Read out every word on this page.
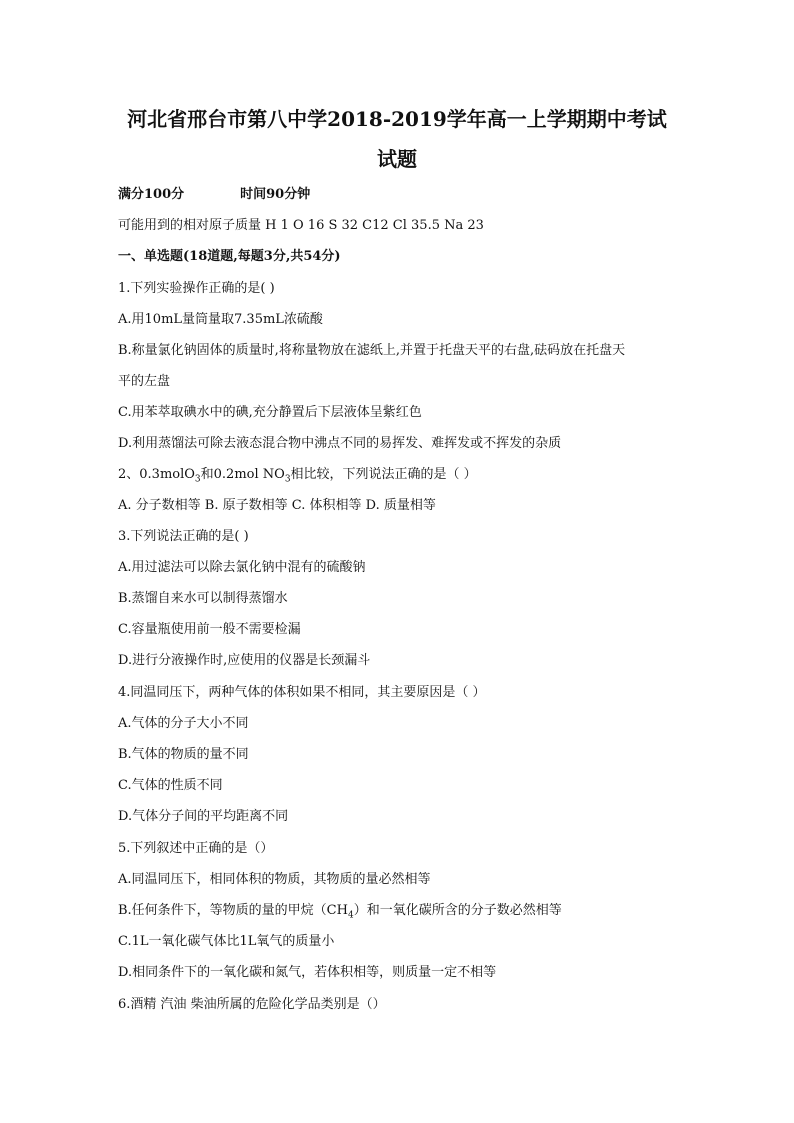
河北省邢台市第八中学2018-2019学年高一上学期期中考试
试题
满分100分	时间90分钟
可能用到的相对原子质量 H 1 O 16 S 32 C12 Cl 35.5 Na 23
一、单选题(18道题,每题3分,共54分)
1.下列实验操作正确的是( )
A.用10mL量筒量取7.35mL浓硫酸
B.称量氯化钠固体的质量时,将称量物放在滤纸上,并置于托盘天平的右盘,砝码放在托盘天
平的左盘
C.用苯萃取碘水中的碘,充分静置后下层液体呈紫红色
D.利用蒸馏法可除去液态混合物中沸点不同的易挥发、难挥发或不挥发的杂质
2、0.3molO$_3$和0.2mol $NO_3$相比较，下列说法正确的是（ ）
A. 分子数相等 B. 原子数相等 C. 体积相等 D. 质量相等
3.下列说法正确的是( )
A.用过滤法可以除去氯化钠中混有的硫酸钠
B.蒸馏自来水可以制得蒸馏水
C.容量瓶使用前一般不需要检漏
D.进行分液操作时,应使用的仪器是长颈漏斗
4.同温同压下，两种气体的体积如果不相同，其主要原因是（ ）
A.气体的分子大小不同
B.气体的物质的量不同
C.气体的性质不同
D.气体分子间的平均距离不同
5.下列叙述中正确的是（）
A.同温同压下，相同体积的物质，其物质的量必然相等
B.任何条件下，等物质的量的甲烷$(CH_4)$和一氧化碳所含的分子数必然相等
C.1L一氧化碳气体比1L氧气的质量小
D.相同条件下的一氧化碳和氮气，若体积相等，则质量一定不相等
6.酒精 汽油 柴油所属的危险化学品类别是（）
